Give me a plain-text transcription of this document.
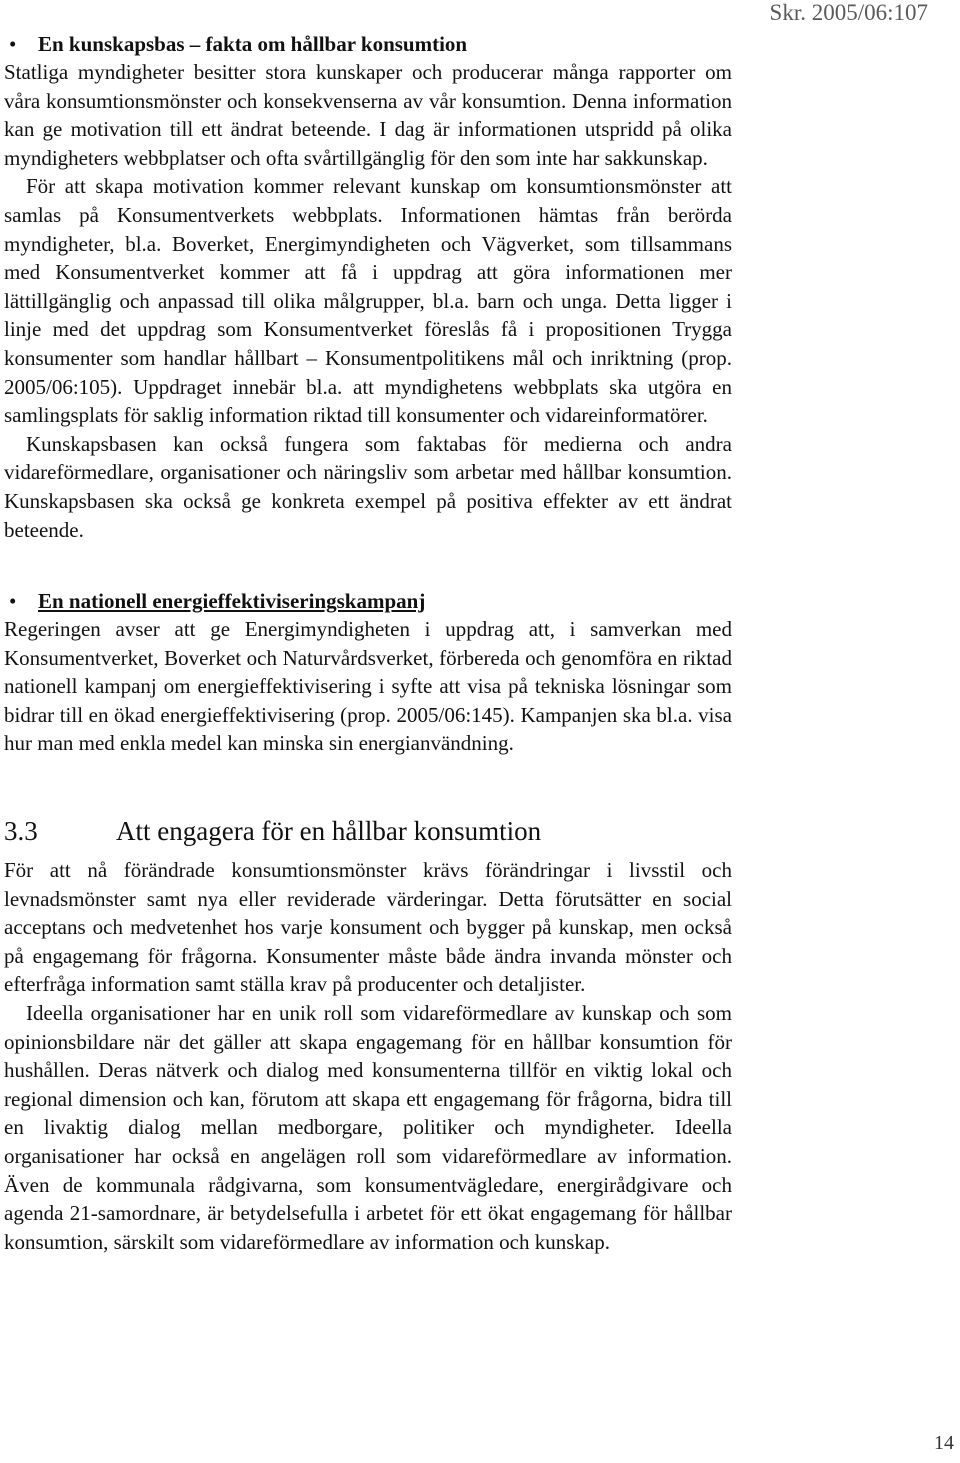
Skr. 2005/06:107
• En kunskapsbas – fakta om hållbar konsumtion

Statliga myndigheter besitter stora kunskaper och producerar många rapporter om våra konsumtionsmönster och konsekvenserna av vår konsumtion. Denna information kan ge motivation till ett ändrat beteende. I dag är informationen utspridd på olika myndigheters webbplatser och ofta svårtillgänglig för den som inte har sakkunskap.

För att skapa motivation kommer relevant kunskap om konsumtionsmönster att samlas på Konsumentverkets webbplats. Informationen hämtas från berörda myndigheter, bl.a. Boverket, Energimyndigheten och Vägverket, som tillsammans med Konsumentverket kommer att få i uppdrag att göra informationen mer lättillgänglig och anpassad till olika målgrupper, bl.a. barn och unga. Detta ligger i linje med det uppdrag som Konsumentverket föreslås få i propositionen Trygga konsumenter som handlar hållbart – Konsumentpolitikens mål och inriktning (prop. 2005/06:105). Uppdraget innebär bl.a. att myndighetens webbplats ska utgöra en samlingsplats för saklig information riktad till konsumenter och vidareinformatörer.

Kunskapsbasen kan också fungera som faktabas för medierna och andra vidareförmedlare, organisationer och näringsliv som arbetar med hållbar konsumtion. Kunskapsbasen ska också ge konkreta exempel på positiva effekter av ett ändrat beteende.

• En nationell energieffektiviseringskampanj

Regeringen avser att ge Energimyndigheten i uppdrag att, i samverkan med Konsumentverket, Boverket och Naturvårdsverket, förbereda och genomföra en riktad nationell kampanj om energieffektivisering i syfte att visa på tekniska lösningar som bidrar till en ökad energieffektivisering (prop. 2005/06:145). Kampanjen ska bl.a. visa hur man med enkla medel kan minska sin energianvändning.

3.3	Att engagera för en hållbar konsumtion

För att nå förändrade konsumtionsmönster krävs förändringar i livsstil och levnadsmönster samt nya eller reviderade värderingar. Detta förutsätter en social acceptans och medvetenhet hos varje konsument och bygger på kunskap, men också på engagemang för frågorna. Konsumenter måste både ändra invanda mönster och efterfråga information samt ställa krav på producenter och detaljister.

Ideella organisationer har en unik roll som vidareförmedlare av kunskap och som opinionsbildare när det gäller att skapa engagemang för en hållbar konsumtion för hushållen. Deras nätverk och dialog med konsumenterna tillför en viktig lokal och regional dimension och kan, förutom att skapa ett engagemang för frågorna, bidra till en livaktig dialog mellan medborgare, politiker och myndigheter. Ideella organisationer har också en angelägen roll som vidareförmedlare av information. Även de kommunala rådgivarna, som konsumentvägledare, energirådgivare och agenda 21-samordnare, är betydelsefulla i arbetet för ett ökat engagemang för hållbar konsumtion, särskilt som vidareförmedlare av information och kunskap.

14
